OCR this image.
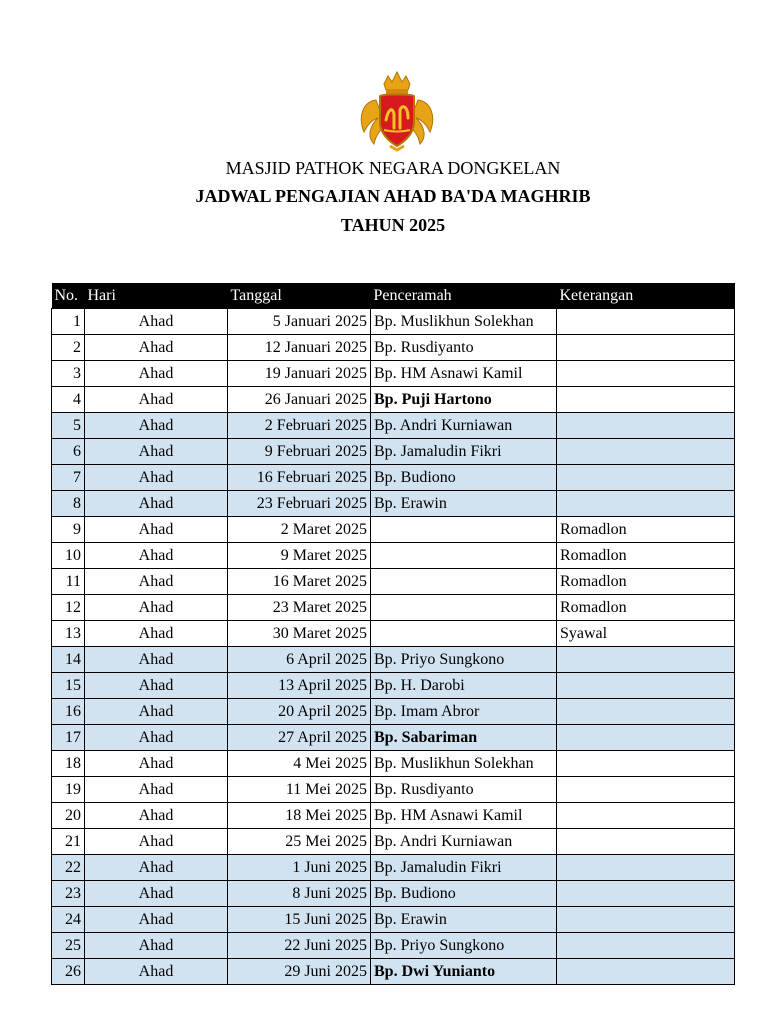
MASJID PATHOK NEGARA DONGKELAN
JADWAL PENGAJIAN AHAD BA'DA MAGHRIB
TAHUN 2025
No.	Hari	Tanggal	Penceramah	Keterangan
1	Ahad	5 Januari 2025	Bp. Muslikhun Solekhan	
2	Ahad	12 Januari 2025	Bp. Rusdiyanto	
3	Ahad	19 Januari 2025	Bp. HM Asnawi Kamil	
4	Ahad	26 Januari 2025	Bp. Puji Hartono	
5	Ahad	2 Februari 2025	Bp. Andri Kurniawan	
6	Ahad	9 Februari 2025	Bp. Jamaludin Fikri	
7	Ahad	16 Februari 2025	Bp. Budiono	
8	Ahad	23 Februari 2025	Bp. Erawin	
9	Ahad	2 Maret 2025		Romadlon
10	Ahad	9 Maret 2025		Romadlon
11	Ahad	16 Maret 2025		Romadlon
12	Ahad	23 Maret 2025		Romadlon
13	Ahad	30 Maret 2025		Syawal
14	Ahad	6 April 2025	Bp. Priyo Sungkono	
15	Ahad	13 April 2025	Bp. H. Darobi	
16	Ahad	20 April 2025	Bp. Imam Abror	
17	Ahad	27 April 2025	Bp. Sabariman	
18	Ahad	4 Mei 2025	Bp. Muslikhun Solekhan	
19	Ahad	11 Mei 2025	Bp. Rusdiyanto	
20	Ahad	18 Mei 2025	Bp. HM Asnawi Kamil	
21	Ahad	25 Mei 2025	Bp. Andri Kurniawan	
22	Ahad	1 Juni 2025	Bp. Jamaludin Fikri	
23	Ahad	8 Juni 2025	Bp. Budiono	
24	Ahad	15 Juni 2025	Bp. Erawin	
25	Ahad	22 Juni 2025	Bp. Priyo Sungkono	
26	Ahad	29 Juni 2025	Bp. Dwi Yunianto	
